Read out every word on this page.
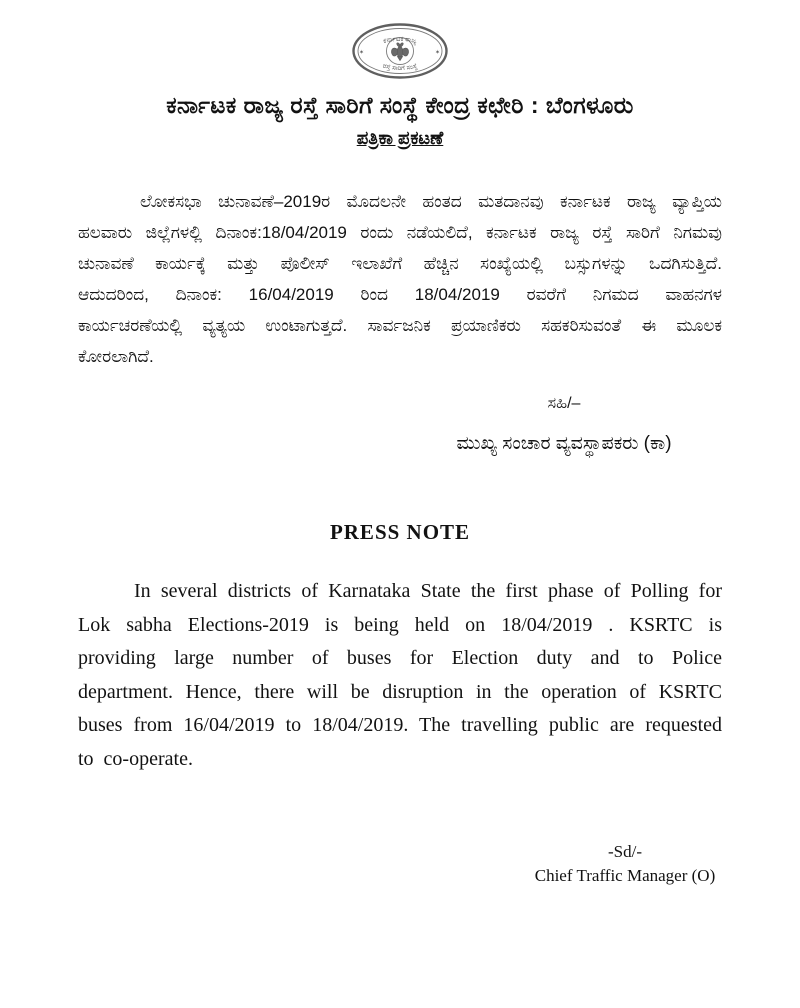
ಕರ್ನಾಟಕ ರಾಜ್ಯ
ರಸ್ತೆ ಸಾರಿಗೆ ಸಂಸ್ಥೆ
✶	✶
ಕರ್ನಾಟಕ ರಾಜ್ಯ ರಸ್ತೆ ಸಾರಿಗೆ ಸಂಸ್ಥೆ ಕೇಂದ್ರ ಕಛೇರಿ : ಬೆಂಗಳೂರು
ಪತ್ರಿಕಾ ಪ್ರಕಟಣೆ

ಲೋಕಸಭಾ ಚುನಾವಣೆ–2019ರ ಮೊದಲನೇ ಹಂತದ ಮತದಾನವು ಕರ್ನಾಟಕ ರಾಜ್ಯ ವ್ಯಾಪ್ತಿಯ ಹಲವಾರು ಜಿಲ್ಲೆಗಳಲ್ಲಿ ದಿನಾಂಕ:18/04/2019 ರಂದು ನಡೆಯಲಿದೆ, ಕರ್ನಾಟಕ ರಾಜ್ಯ ರಸ್ತೆ ಸಾರಿಗೆ ನಿಗಮವು ಚುನಾವಣೆ ಕಾರ್ಯಕ್ಕೆ ಮತ್ತು ಪೊಲೀಸ್ ಇಲಾಖೆಗೆ ಹೆಚ್ಚಿನ ಸಂಖ್ಯೆಯಲ್ಲಿ ಬಸ್ಸುಗಳನ್ನು ಒದಗಿಸುತ್ತಿದೆ. ಆದುದರಿಂದ, ದಿನಾಂಕ: 16/04/2019 ರಿಂದ 18/04/2019 ರವರೆಗೆ ನಿಗಮದ ವಾಹನಗಳ ಕಾರ್ಯಚರಣೆಯಲ್ಲಿ ವ್ಯತ್ಯಯ ಉಂಟಾಗುತ್ತದೆ. ಸಾರ್ವಜನಿಕ ಪ್ರಯಾಣಿಕರು ಸಹಕರಿಸುವಂತೆ ಈ ಮೂಲಕ ಕೋರಲಾಗಿದೆ.

ಸಹಿ/–
ಮುಖ್ಯ ಸಂಚಾರ ವ್ಯವಸ್ಥಾಪಕರು (ಕಾ)
PRESS NOTE

In several districts of Karnataka State the first phase of Polling for Lok sabha Elections-2019 is being held on 18/04/2019 . KSRTC is providing large number of buses for Election duty and to Police department. Hence, there will be disruption in the operation of KSRTC buses from 16/04/2019 to 18/04/2019. The travelling public are requested to co-operate.

-Sd/-
Chief Traffic Manager (O)
